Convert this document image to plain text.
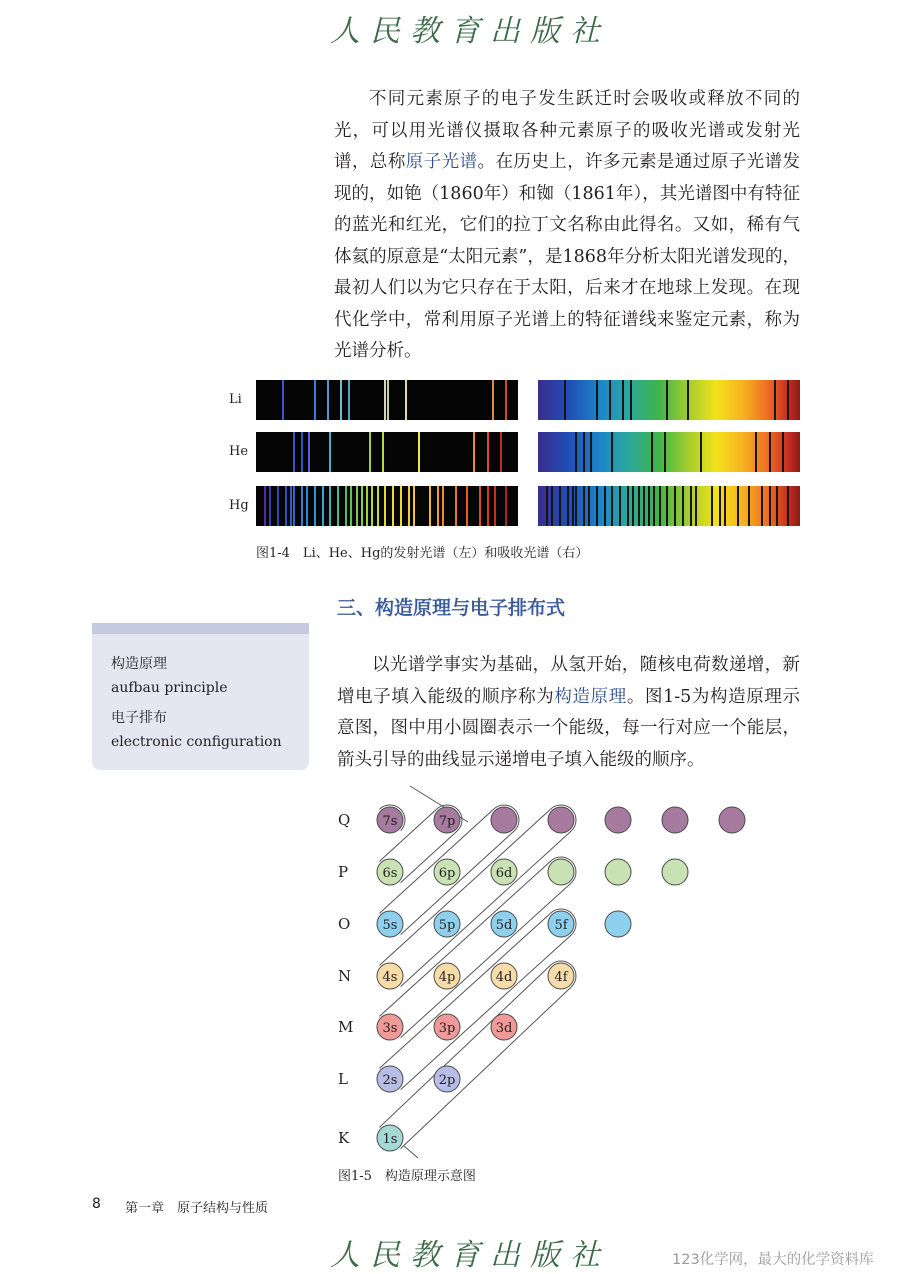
人民教育出版社

不同元素原子的电子发生跃迁时会吸收或释放不同的光，可以用光谱仪摄取各种元素原子的吸收光谱或发射光谱，总称原子光谱。在历史上，许多元素是通过原子光谱发现的，如铯（1860年）和铷（1861年），其光谱图中有特征的蓝光和红光，它们的拉丁文名称由此得名。又如，稀有气体氦的原意是“太阳元素”，是1868年分析太阳光谱发现的，最初人们以为它只存在于太阳，后来才在地球上发现。在现代化学中，常利用原子光谱上的特征谱线来鉴定元素，称为光谱分析。

Li
He
Hg
图1-4　Li、He、Hg的发射光谱（左）和吸收光谱（右）
三、构造原理与电子排布式
构造原理
aufbau principle
电子排布
electronic configuration

以光谱学事实为基础，从氢开始，随核电荷数递增，新增电子填入能级的顺序称为构造原理。图1-5为构造原理示意图，图中用小圆圈表示一个能级，每一行对应一个能层，箭头引导的曲线显示递增电子填入能级的顺序。

7s	7p
6s	6p	6d
5s	5p	5d	5f
4s	4p	4d	4f
3s	3p	3d
2s	2p
1s
Q
P
O
N
M
L
K
图1-5　构造原理示意图
8 第一章　原子结构与性质
人民教育出版社	123化学网，最大的化学资料库
